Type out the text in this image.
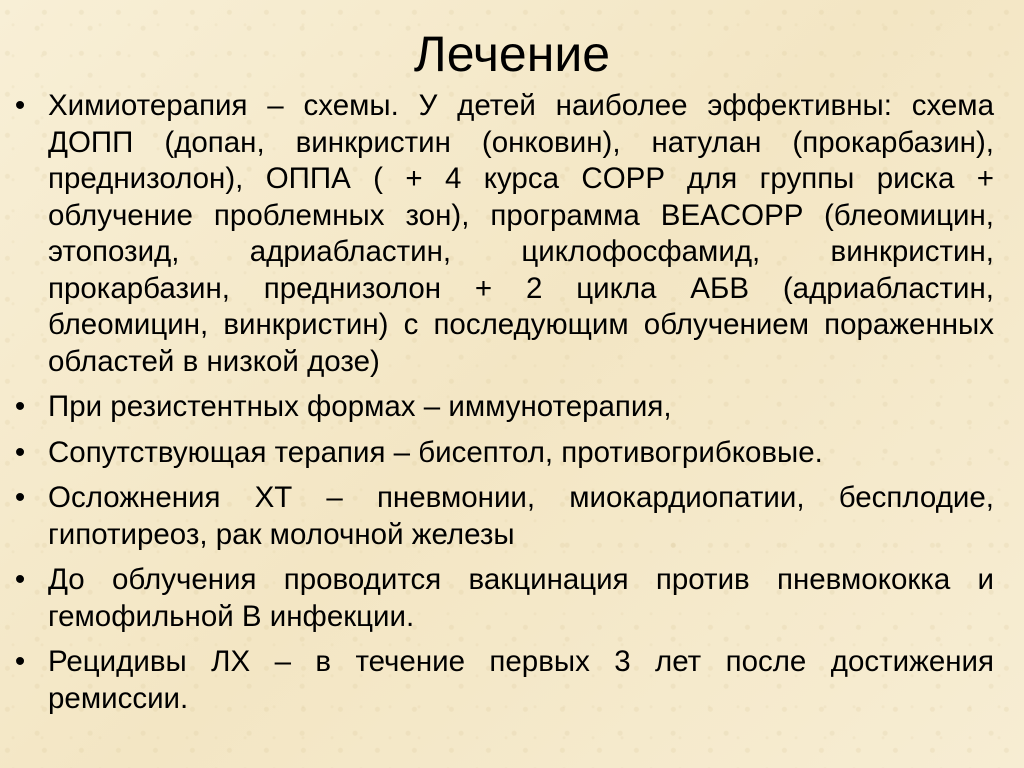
Лечение
• Химиотерапия – схемы. У детей наиболее эффективны: схема ДОПП (допан, винкристин (онковин), натулан (прокарбазин), преднизолон), ОППА ( + 4 курса COPP для группы риска + облучение проблемных зон), программа BEACOPP (блеомицин, этопозид, адриабластин, циклофосфамид, винкристин, прокарбазин, преднизолон + 2 цикла АБВ (адриабластин, блеомицин, винкристин) с последующим облучением пораженных областей в низкой дозе)
• При резистентных формах – иммунотерапия,
• Сопутствующая терапия – бисептол, противогрибковые.
• Осложнения ХТ – пневмонии, миокардиопатии, бесплодие, гипотиреоз, рак молочной железы
• До облучения проводится вакцинация против пневмококка и гемофильной В инфекции.
• Рецидивы ЛХ – в течение первых 3 лет после достижения ремиссии.
